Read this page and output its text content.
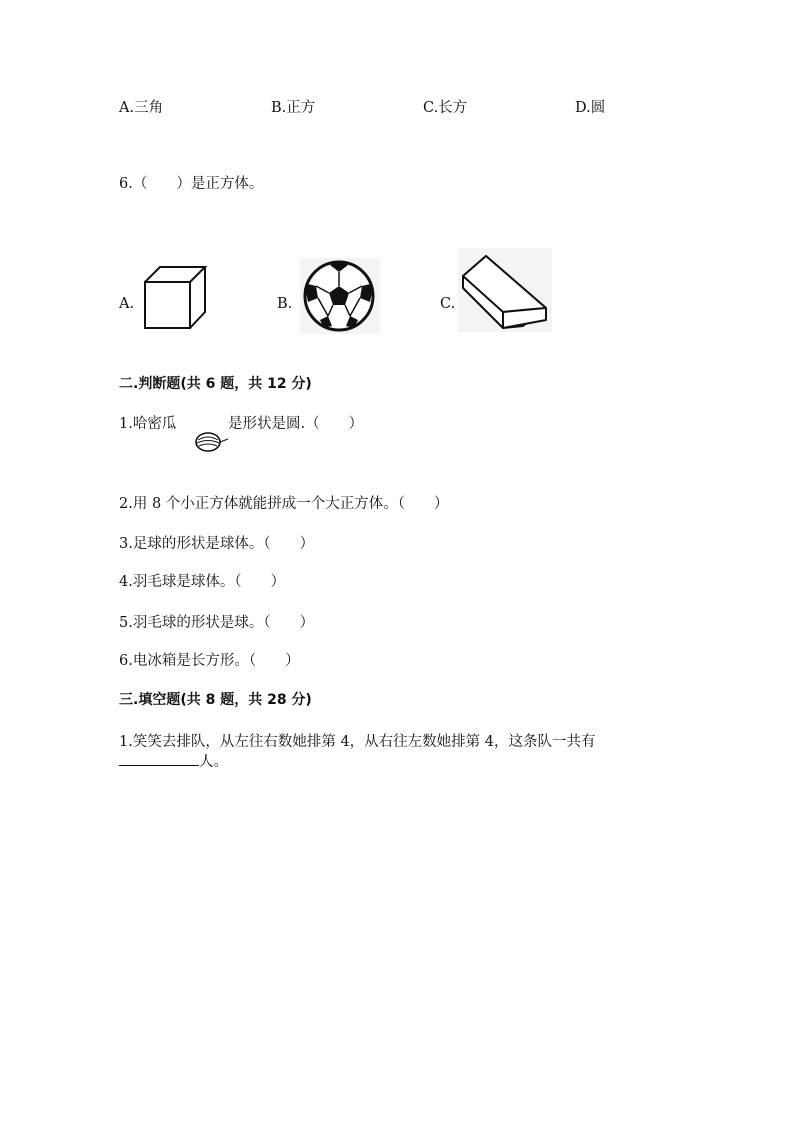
A.三角	B.正方	C.长方	D.圆
6.（　　）是正方体。
A.	B.	C.
二.判断题(共 6 题，共 12 分)
1.哈密瓜	是形状是圆.（　　）
2.用 8 个小正方体就能拼成一个大正方体。（　　）
3.足球的形状是球体。（　　）
4.羽毛球是球体。（　　）
5.羽毛球的形状是球。（　　）
6.电冰箱是长方形。（　　）
三.填空题(共 8 题，共 28 分)
1.笑笑去排队，从左往右数她排第 4，从右往左数她排第 4，这条队一共有
人。
